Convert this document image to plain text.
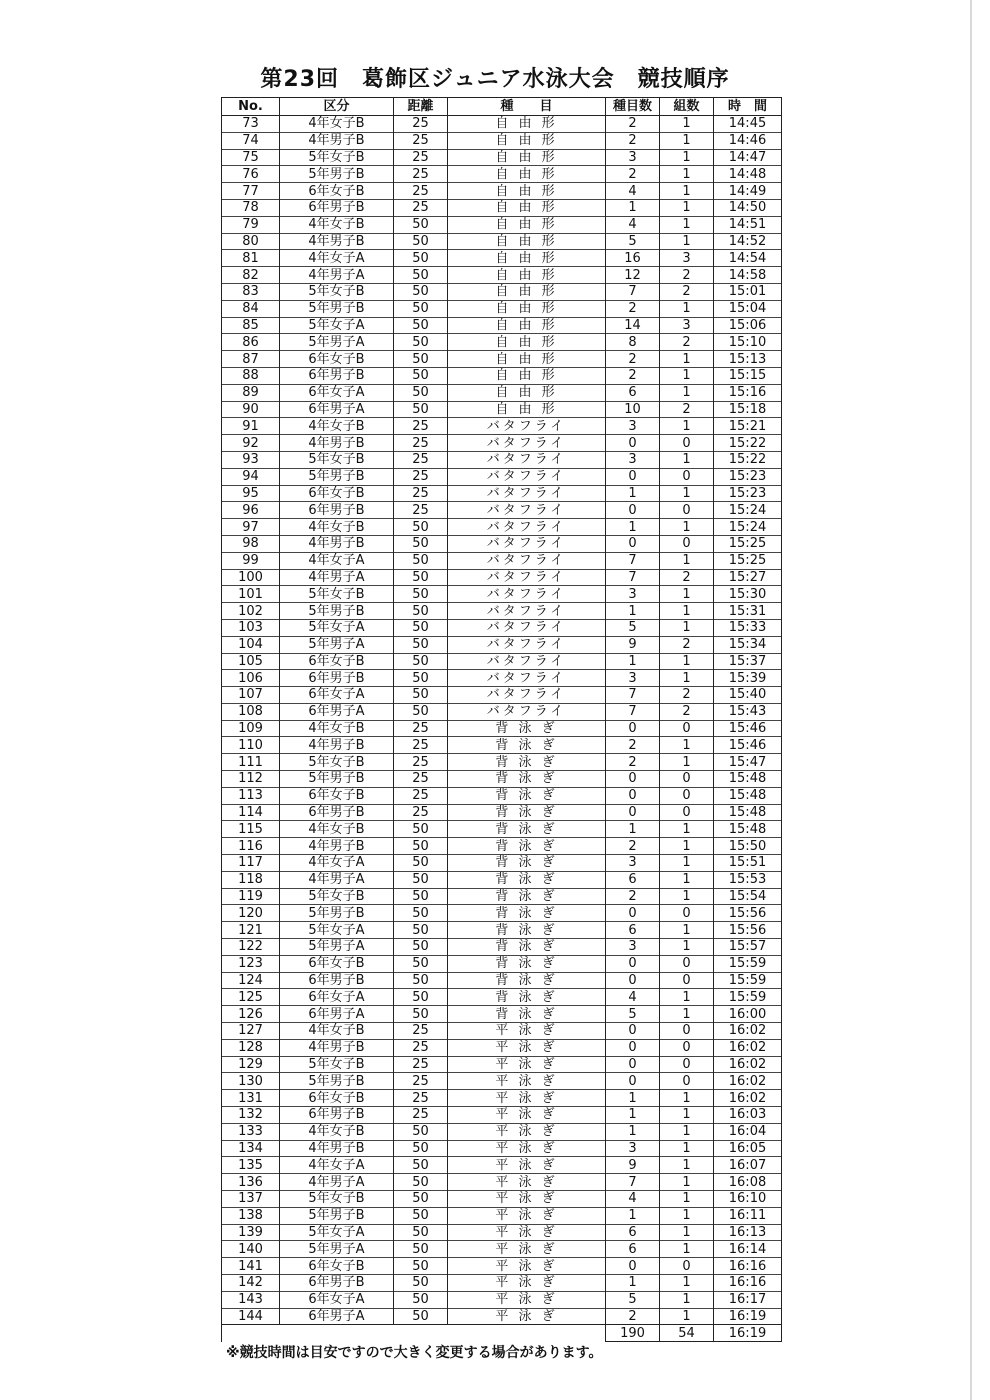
第23回　葛飾区ジュニア水泳大会　競技順序
No.	区分	距離	種　　目	種目数	組数	時　間
73	4年女子B	25	自 由 形	2	1	14:45
74	4年男子B	25	自 由 形	2	1	14:46
75	5年女子B	25	自 由 形	3	1	14:47
76	5年男子B	25	自 由 形	2	1	14:48
77	6年女子B	25	自 由 形	4	1	14:49
78	6年男子B	25	自 由 形	1	1	14:50
79	4年女子B	50	自 由 形	4	1	14:51
80	4年男子B	50	自 由 形	5	1	14:52
81	4年女子A	50	自 由 形	16	3	14:54
82	4年男子A	50	自 由 形	12	2	14:58
83	5年女子B	50	自 由 形	7	2	15:01
84	5年男子B	50	自 由 形	2	1	15:04
85	5年女子A	50	自 由 形	14	3	15:06
86	5年男子A	50	自 由 形	8	2	15:10
87	6年女子B	50	自 由 形	2	1	15:13
88	6年男子B	50	自 由 形	2	1	15:15
89	6年女子A	50	自 由 形	6	1	15:16
90	6年男子A	50	自 由 形	10	2	15:18
91	4年女子B	25	バタフライ	3	1	15:21
92	4年男子B	25	バタフライ	0	0	15:22
93	5年女子B	25	バタフライ	3	1	15:22
94	5年男子B	25	バタフライ	0	0	15:23
95	6年女子B	25	バタフライ	1	1	15:23
96	6年男子B	25	バタフライ	0	0	15:24
97	4年女子B	50	バタフライ	1	1	15:24
98	4年男子B	50	バタフライ	0	0	15:25
99	4年女子A	50	バタフライ	7	1	15:25
100	4年男子A	50	バタフライ	7	2	15:27
101	5年女子B	50	バタフライ	3	1	15:30
102	5年男子B	50	バタフライ	1	1	15:31
103	5年女子A	50	バタフライ	5	1	15:33
104	5年男子A	50	バタフライ	9	2	15:34
105	6年女子B	50	バタフライ	1	1	15:37
106	6年男子B	50	バタフライ	3	1	15:39
107	6年女子A	50	バタフライ	7	2	15:40
108	6年男子A	50	バタフライ	7	2	15:43
109	4年女子B	25	背 泳 ぎ	0	0	15:46
110	4年男子B	25	背 泳 ぎ	2	1	15:46
111	5年女子B	25	背 泳 ぎ	2	1	15:47
112	5年男子B	25	背 泳 ぎ	0	0	15:48
113	6年女子B	25	背 泳 ぎ	0	0	15:48
114	6年男子B	25	背 泳 ぎ	0	0	15:48
115	4年女子B	50	背 泳 ぎ	1	1	15:48
116	4年男子B	50	背 泳 ぎ	2	1	15:50
117	4年女子A	50	背 泳 ぎ	3	1	15:51
118	4年男子A	50	背 泳 ぎ	6	1	15:53
119	5年女子B	50	背 泳 ぎ	2	1	15:54
120	5年男子B	50	背 泳 ぎ	0	0	15:56
121	5年女子A	50	背 泳 ぎ	6	1	15:56
122	5年男子A	50	背 泳 ぎ	3	1	15:57
123	6年女子B	50	背 泳 ぎ	0	0	15:59
124	6年男子B	50	背 泳 ぎ	0	0	15:59
125	6年女子A	50	背 泳 ぎ	4	1	15:59
126	6年男子A	50	背 泳 ぎ	5	1	16:00
127	4年女子B	25	平 泳 ぎ	0	0	16:02
128	4年男子B	25	平 泳 ぎ	0	0	16:02
129	5年女子B	25	平 泳 ぎ	0	0	16:02
130	5年男子B	25	平 泳 ぎ	0	0	16:02
131	6年女子B	25	平 泳 ぎ	1	1	16:02
132	6年男子B	25	平 泳 ぎ	1	1	16:03
133	4年女子B	50	平 泳 ぎ	1	1	16:04
134	4年男子B	50	平 泳 ぎ	3	1	16:05
135	4年女子A	50	平 泳 ぎ	9	1	16:07
136	4年男子A	50	平 泳 ぎ	7	1	16:08
137	5年女子B	50	平 泳 ぎ	4	1	16:10
138	5年男子B	50	平 泳 ぎ	1	1	16:11
139	5年女子A	50	平 泳 ぎ	6	1	16:13
140	5年男子A	50	平 泳 ぎ	6	1	16:14
141	6年女子B	50	平 泳 ぎ	0	0	16:16
142	6年男子B	50	平 泳 ぎ	1	1	16:16
143	6年女子A	50	平 泳 ぎ	5	1	16:17
144	6年男子A	50	平 泳 ぎ	2	1	16:19
				190	54	16:19
※競技時間は目安ですので大きく変更する場合があります。
